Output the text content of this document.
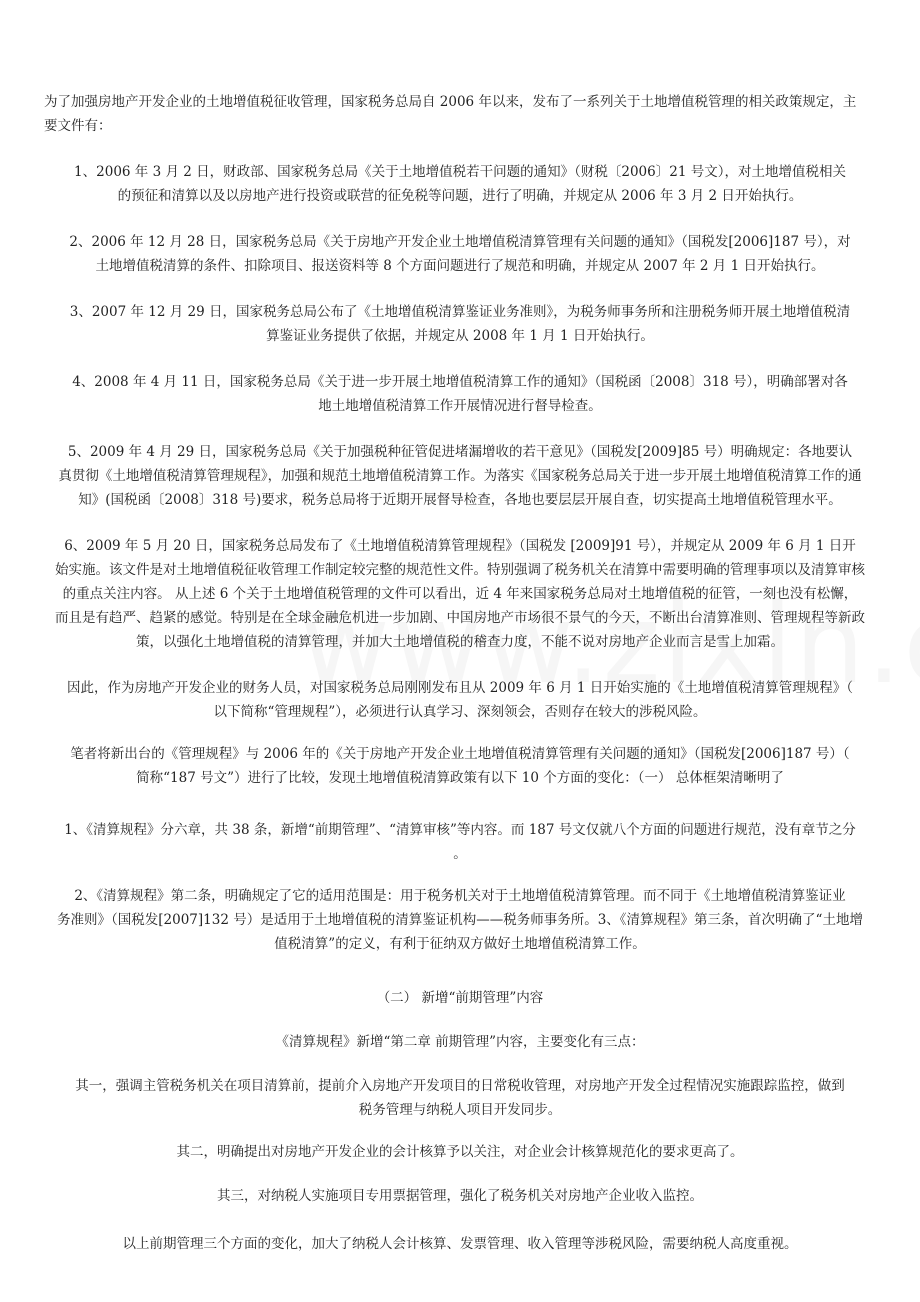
为了加强房地产开发企业的土地增值税征收管理，国家税务总局自 2006 年以来，发布了一系列关于土地增值税管理的相关政策规定，主
要文件有：
1、2006 年 3 月 2 日，财政部、国家税务总局《关于土地增值税若干问题的通知》（财税〔2006〕21 号文），对土地增值税相关
的预征和清算以及以房地产进行投资或联营的征免税等问题，进行了明确，并规定从 2006 年 3 月 2 日开始执行。
2、2006 年 12 月 28 日，国家税务总局《关于房地产开发企业土地增值税清算管理有关问题的通知》（国税发[2006]187 号），对
土地增值税清算的条件、扣除项目、报送资料等 8 个方面问题进行了规范和明确，并规定从 2007 年 2 月 1 日开始执行。
3、2007 年 12 月 29 日，国家税务总局公布了《土地增值税清算鉴证业务准则》，为税务师事务所和注册税务师开展土地增值税清
算鉴证业务提供了依据，并规定从 2008 年 1 月 1 日开始执行。
4、2008 年 4 月 11 日，国家税务总局《关于进一步开展土地增值税清算工作的通知》（国税函〔2008〕318 号），明确部署对各
地土地增值税清算工作开展情况进行督导检查。
5、2009 年 4 月 29 日，国家税务总局《关于加强税种征管促进堵漏增收的若干意见》（国税发[2009]85 号）明确规定：各地要认
真贯彻《土地增值税清算管理规程》，加强和规范土地增值税清算工作。为落实《国家税务总局关于进一步开展土地增值税清算工作的通
知》(国税函〔2008〕318 号)要求，税务总局将于近期开展督导检查，各地也要层层开展自查，切实提高土地增值税管理水平。
6、2009 年 5 月 20 日，国家税务总局发布了《土地增值税清算管理规程》（国税发 [2009]91 号），并规定从 2009 年 6 月 1 日开
始实施。该文件是对土地增值税征收管理工作制定较完整的规范性文件。特别强调了税务机关在清算中需要明确的管理事项以及清算审核
的重点关注内容。 从上述 6 个关于土地增值税管理的文件可以看出，近 4 年来国家税务总局对土地增值税的征管，一刻也没有松懈，
而且是有趋严、趋紧的感觉。特别是在全球金融危机进一步加剧、中国房地产市场很不景气的今天，不断出台清算准则、管理规程等新政
策，以强化土地增值税的清算管理，并加大土地增值税的稽查力度，不能不说对房地产企业而言是雪上加霜。
因此，作为房地产开发企业的财务人员，对国家税务总局刚刚发布且从 2009 年 6 月 1 日开始实施的《土地增值税清算管理规程》（
以下简称“管理规程”），必须进行认真学习、深刻领会，否则存在较大的涉税风险。
笔者将新出台的《管理规程》与 2006 年的《关于房地产开发企业土地增值税清算管理有关问题的通知》（国税发[2006]187 号）（
简称“187 号文”）进行了比较，发现土地增值税清算政策有以下 10 个方面的变化：（一） 总体框架清晰明了
1、《清算规程》分六章，共 38 条，新增“前期管理”、“清算审核”等内容。而 187 号文仅就八个方面的问题进行规范，没有章节之分
。
2、《清算规程》第二条，明确规定了它的适用范围是：用于税务机关对于土地增值税清算管理。而不同于《土地增值税清算鉴证业
务准则》（国税发[2007]132 号）是适用于土地增值税的清算鉴证机构——税务师事务所。3、《清算规程》第三条，首次明确了“土地增
值税清算”的定义，有利于征纳双方做好土地增值税清算工作。
（二） 新增“前期管理”内容
《清算规程》新增“第二章 前期管理”内容，主要变化有三点：
其一，强调主管税务机关在项目清算前，提前介入房地产开发项目的日常税收管理，对房地产开发全过程情况实施跟踪监控，做到
税务管理与纳税人项目开发同步。
其二，明确提出对房地产开发企业的会计核算予以关注，对企业会计核算规范化的要求更高了。
其三，对纳税人实施项目专用票据管理，强化了税务机关对房地产企业收入监控。
以上前期管理三个方面的变化，加大了纳税人会计核算、发票管理、收入管理等涉税风险，需要纳税人高度重视。
